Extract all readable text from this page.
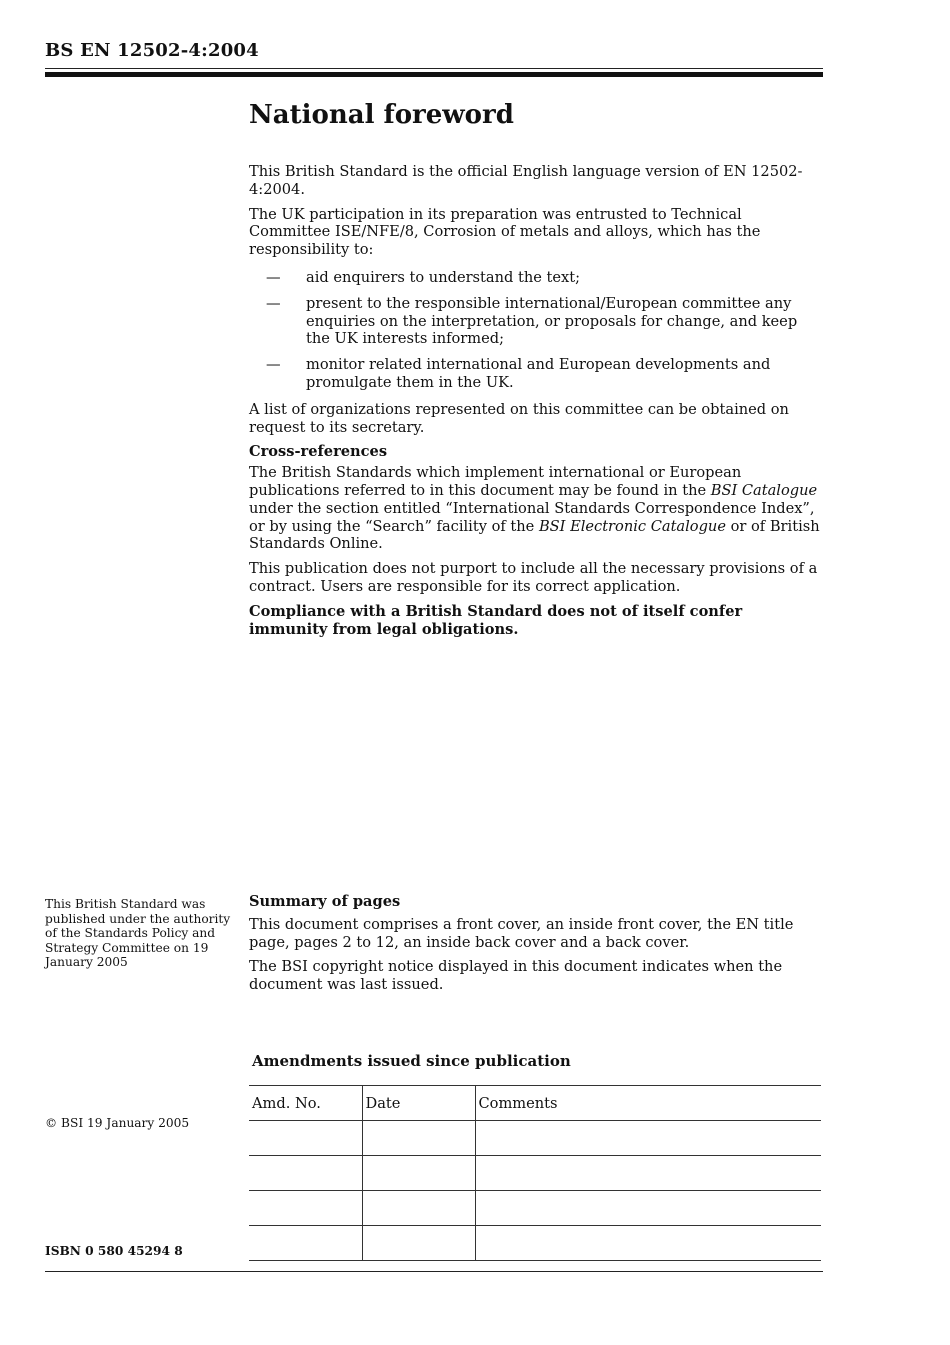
BS EN 12502-4:2004
National foreword

This British Standard is the official English language version of EN 12502-4:2004.

The UK participation in its preparation was entrusted to Technical Committee ISE/NFE/8, Corrosion of metals and alloys, which has the responsibility to:

— aid enquirers to understand the text;
— present to the responsible international/European committee any enquiries on the interpretation, or proposals for change, and keep the UK interests informed;
— monitor related international and European developments and promulgate them in the UK.

A list of organizations represented on this committee can be obtained on request to its secretary.

Cross-references

The British Standards which implement international or European publications referred to in this document may be found in the BSI Catalogue under the section entitled “International Standards Correspondence Index”, or by using the “Search” facility of the BSI Electronic Catalogue or of British Standards Online.

This publication does not purport to include all the necessary provisions of a contract. Users are responsible for its correct application.

Compliance with a British Standard does not of itself confer immunity from legal obligations.

This British Standard was published under the authority of the Standards Policy and Strategy Committee on 19 January 2005
© BSI 19 January 2005
ISBN 0 580 45294 8
Summary of pages

This document comprises a front cover, an inside front cover, the EN title page, pages 2 to 12, an inside back cover and a back cover.

The BSI copyright notice displayed in this document indicates when the document was last issued.

Amendments issued since publication
Amd. No.	Date	Comments
